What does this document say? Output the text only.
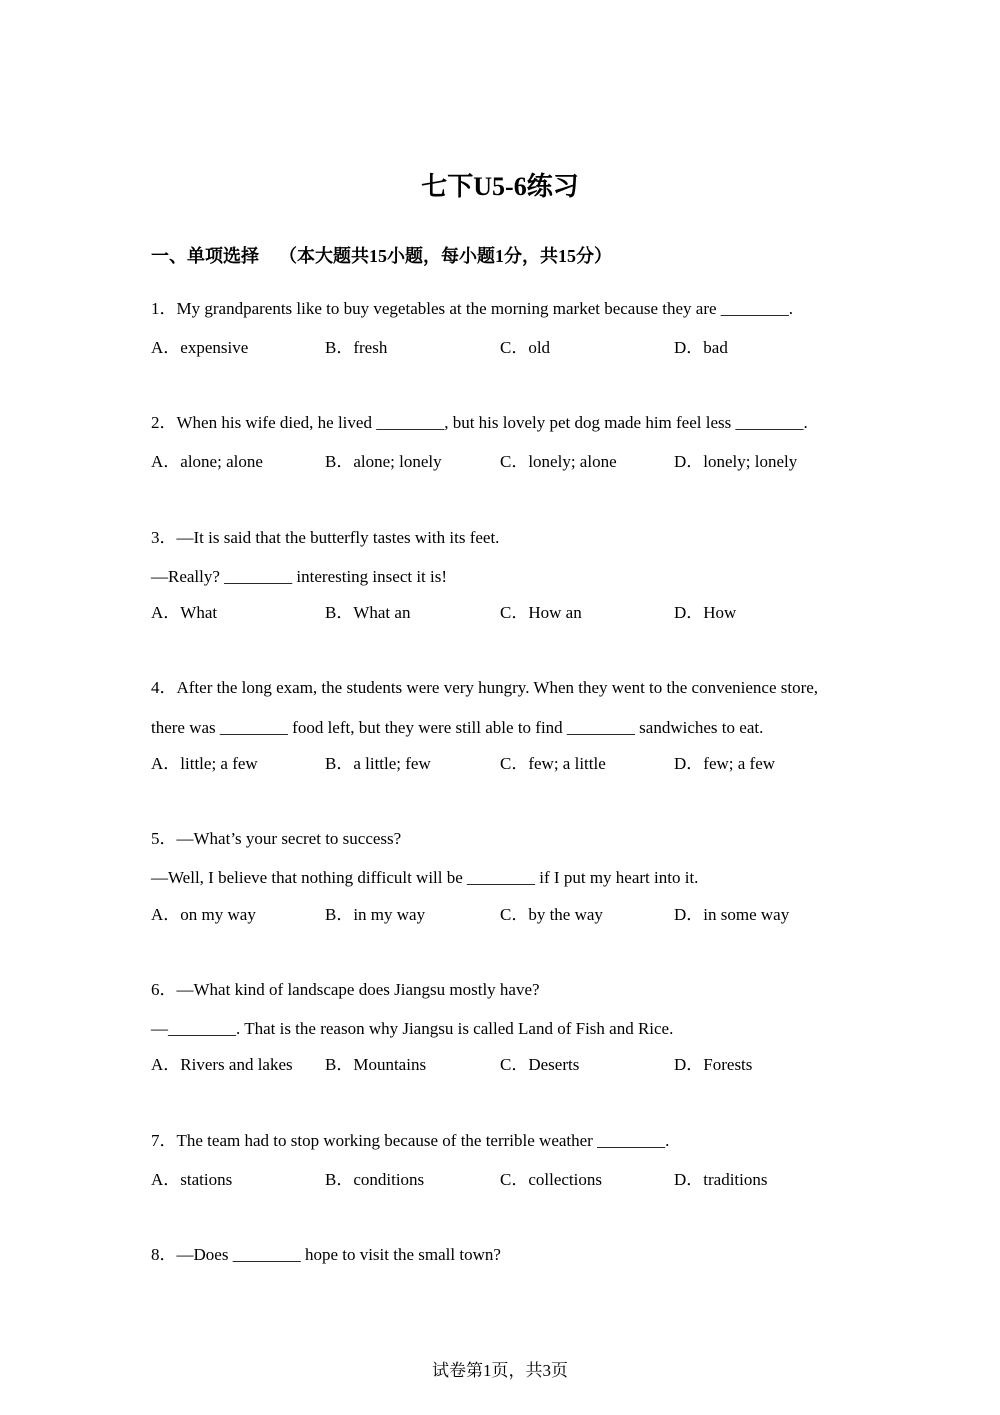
七下U5-6练习
一、单项选择 （本大题共15小题，每小题1分，共15分）
1．My grandparents like to buy vegetables at the morning market because they are ________.
A．expensive	B．fresh	C．old	D．bad
2．When his wife died, he lived ________, but his lovely pet dog made him feel less ________.
A．alone; alone	B．alone; lonely	C．lonely; alone	D．lonely; lonely
3．—It is said that the butterfly tastes with its feet.
—Really? ________ interesting insect it is!
A．What	B．What an	C．How an	D．How
4．After the long exam, the students were very hungry. When they went to the convenience store,
there was ________ food left, but they were still able to find ________ sandwiches to eat.
A．little; a few	B．a little; few	C．few; a little	D．few; a few
5．—What’s your secret to success?
—Well, I believe that nothing difficult will be ________ if I put my heart into it.
A．on my way	B．in my way	C．by the way	D．in some way
6．—What kind of landscape does Jiangsu mostly have?
—________. That is the reason why Jiangsu is called Land of Fish and Rice.
A．Rivers and lakes B．Mountains	C．Deserts	D．Forests
7．The team had to stop working because of the terrible weather ________.
A．stations	B．conditions	C．collections	D．traditions
8．—Does ________ hope to visit the small town?
试卷第1页，共3页
